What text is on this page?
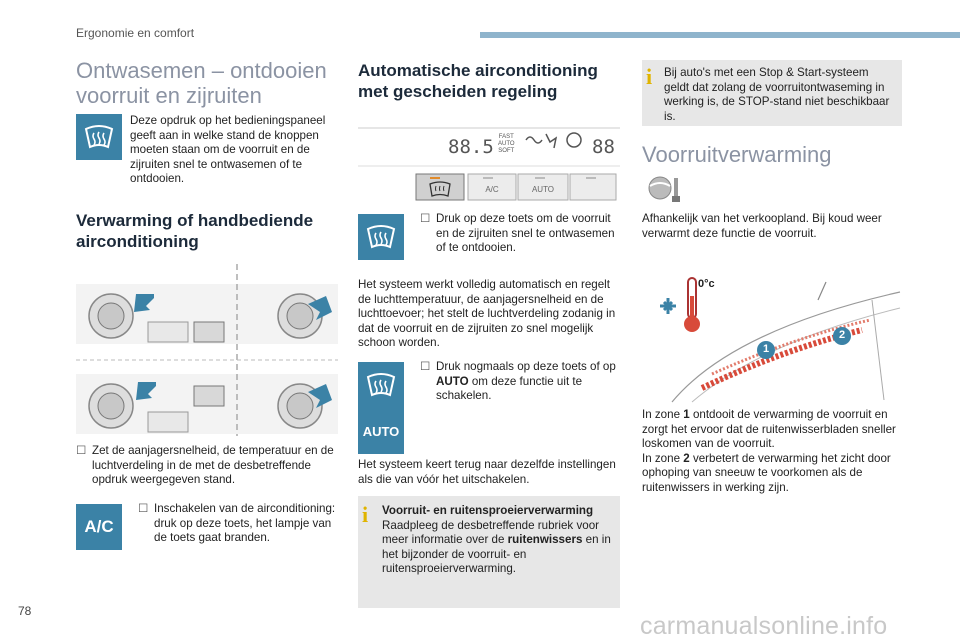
Ergonomie en comfort
Ontwasemen – ontdooien
voorruit en zijruiten
Deze opdruk op het bedieningspaneel geeft aan in welke stand de knoppen moeten staan om de voorruit en de zijruiten snel te ontwasemen of te ontdooien.
Verwarming of handbediende
airconditioning
☐ Zet de aanjagersnelheid, de temperatuur en de luchtverdeling in de met de desbetreffende opdruk weergegeven stand.
A/C
☐ Inschakelen van de airconditioning: druk op deze toets, het lampje van de toets gaat branden.
Automatische airconditioning
met gescheiden regeling
88.5 FAST
AUTO
SOFT	88
A/C	AUTO
☐ Druk op deze toets om de voorruit en de zijruiten snel te ontwasemen of te ontdooien.
Het systeem werkt volledig automatisch en regelt de luchttemperatuur, de aanjagersnelheid en de luchttoevoer; het stelt de luchtverdeling zodanig in dat de voorruit en de zijruiten zo snel mogelijk schoon worden.
☐ Druk nogmaals op deze toets of op AUTO om deze functie uit te schakelen.
AUTO
Het systeem keert terug naar dezelfde instellingen als die van vóór het uitschakelen.
i Voorruit- en ruitensproeierverwarming
Raadpleeg de desbetreffende rubriek voor meer informatie over de ruitenwissers en in het bijzonder de voorruit- en ruitensproeierverwarming.
i Bij auto's met een Stop & Start-systeem geldt dat zolang de voorruitontwaseming in werking is, de STOP-stand niet beschikbaar is.
Voorruitverwarming
Afhankelijk van het verkoopland. Bij koud weer verwarmt deze functie de voorruit.
0°c
1
2
In zone 1 ontdooit de verwarming de voorruit en zorgt het ervoor dat de ruitenwisserbladen sneller loskomen van de voorruit.
In zone 2 verbetert de verwarming het zicht door ophoping van sneeuw te voorkomen als de ruitenwissers in werking zijn.
78
carmanualsonline.info
